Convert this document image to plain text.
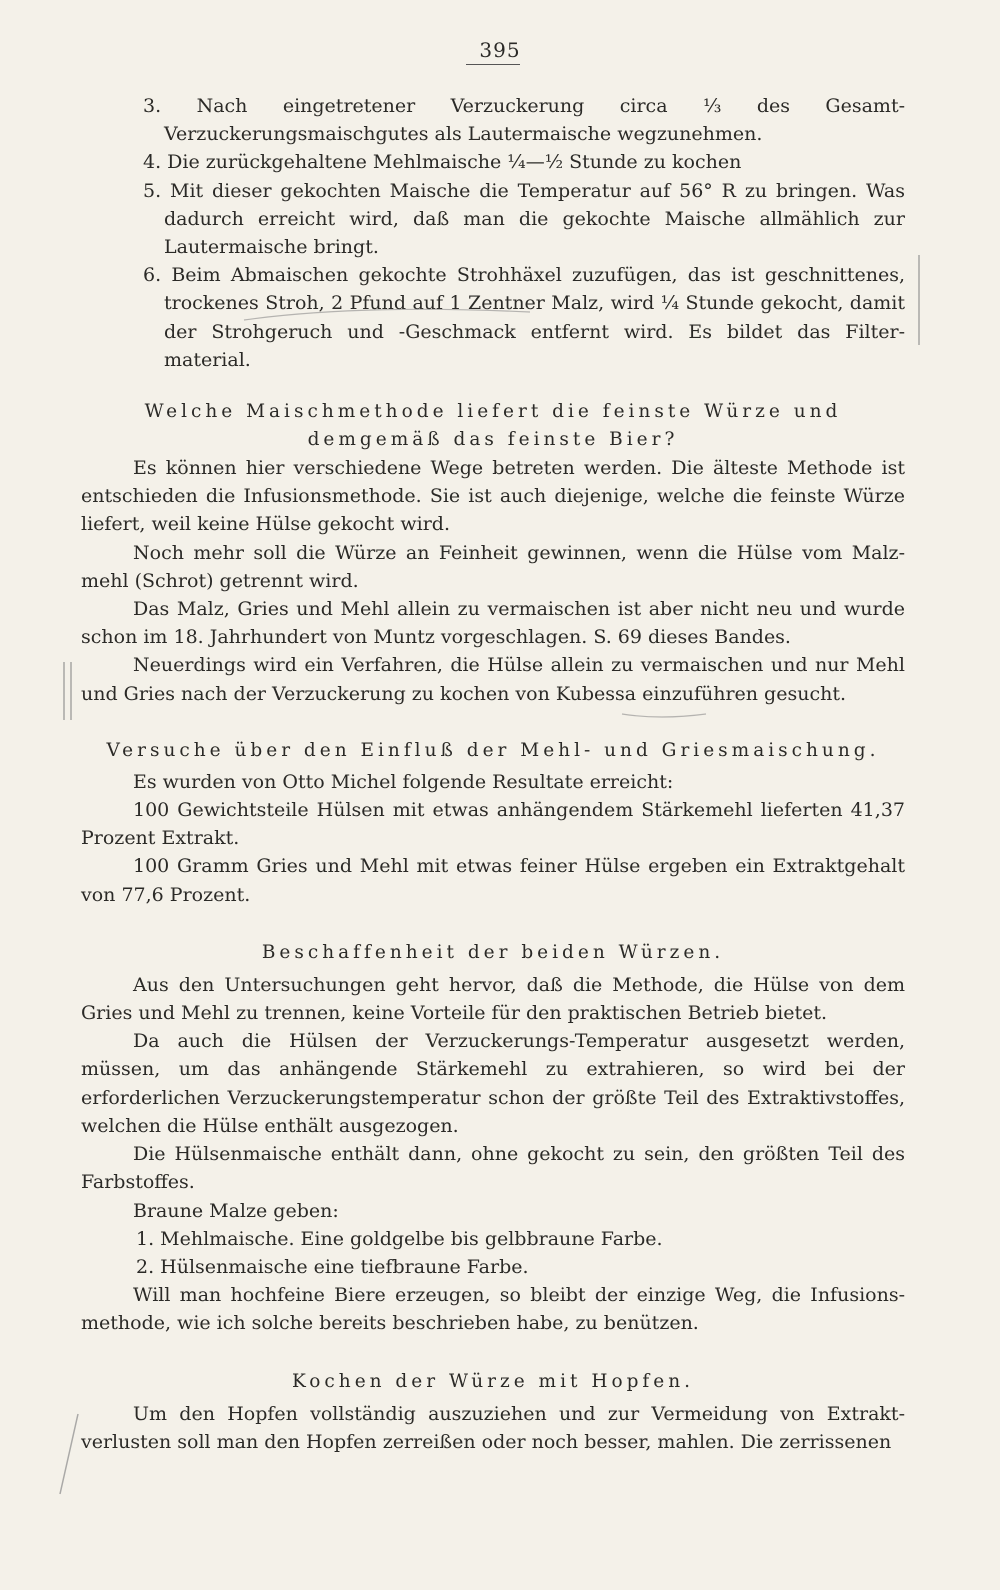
395

3. Nach eingetretener Verzuckerung circa ⅓ des Gesamt-Verzuckerungsmaischgutes als Lautermaische wegzunehmen.

4. Die zurückgehaltene Mehlmaische ¼—½ Stunde zu kochen

5. Mit dieser gekochten Maische die Temperatur auf 56° R zu bringen. Was dadurch erreicht wird, daß man die gekochte Maische allmählich zur Lautermaische bringt.

6. Beim Abmaischen gekochte Strohhäxel zuzufügen, das ist geschnittenes, trockenes Stroh, 2 Pfund auf 1 Zentner Malz, wird ¼ Stunde gekocht, damit der Strohgeruch und -Geschmack entfernt wird. Es bildet das Filtermaterial.

Welche Maischmethode liefert die feinste Würze und demgemäß das feinste Bier?

Es können hier verschiedene Wege betreten werden. Die älteste Methode ist entschieden die Infusionsmethode. Sie ist auch diejenige, welche die feinste Würze liefert, weil keine Hülse gekocht wird.

Noch mehr soll die Würze an Feinheit gewinnen, wenn die Hülse vom Malzmehl (Schrot) getrennt wird.

Das Malz, Gries und Mehl allein zu vermaischen ist aber nicht neu und wurde schon im 18. Jahrhundert von Muntz vorgeschlagen. S. 69 dieses Bandes.

Neuerdings wird ein Verfahren, die Hülse allein zu vermaischen und nur Mehl und Gries nach der Verzuckerung zu kochen von Kubessa einzuführen gesucht.

Versuche über den Einfluß der Mehl- und Griesmaischung.

Es wurden von Otto Michel folgende Resultate erreicht:

100 Gewichtsteile Hülsen mit etwas anhängendem Stärkemehl lieferten 41,37 Prozent Extrakt.

100 Gramm Gries und Mehl mit etwas feiner Hülse ergeben ein Extraktgehalt von 77,6 Prozent.

Beschaffenheit der beiden Würzen.

Aus den Untersuchungen geht hervor, daß die Methode, die Hülse von dem Gries und Mehl zu trennen, keine Vorteile für den praktischen Betrieb bietet.

Da auch die Hülsen der Verzuckerungs-Temperatur ausgesetzt werden, müssen, um das anhängende Stärkemehl zu extrahieren, so wird bei der erforderlichen Verzuckerungstemperatur schon der größte Teil des Extraktivstoffes, welchen die Hülse enthält ausgezogen.

Die Hülsenmaische enthält dann, ohne gekocht zu sein, den größten Teil des Farbstoffes.

Braune Malze geben:

1. Mehlmaische. Eine goldgelbe bis gelbbraune Farbe.

2. Hülsenmaische eine tiefbraune Farbe.

Will man hochfeine Biere erzeugen, so bleibt der einzige Weg, die Infusionsmethode, wie ich solche bereits beschrieben habe, zu benützen.

Kochen der Würze mit Hopfen.

Um den Hopfen vollständig auszuziehen und zur Vermeidung von Extraktverlusten soll man den Hopfen zerreißen oder noch besser, mahlen. Die zerrissenen
